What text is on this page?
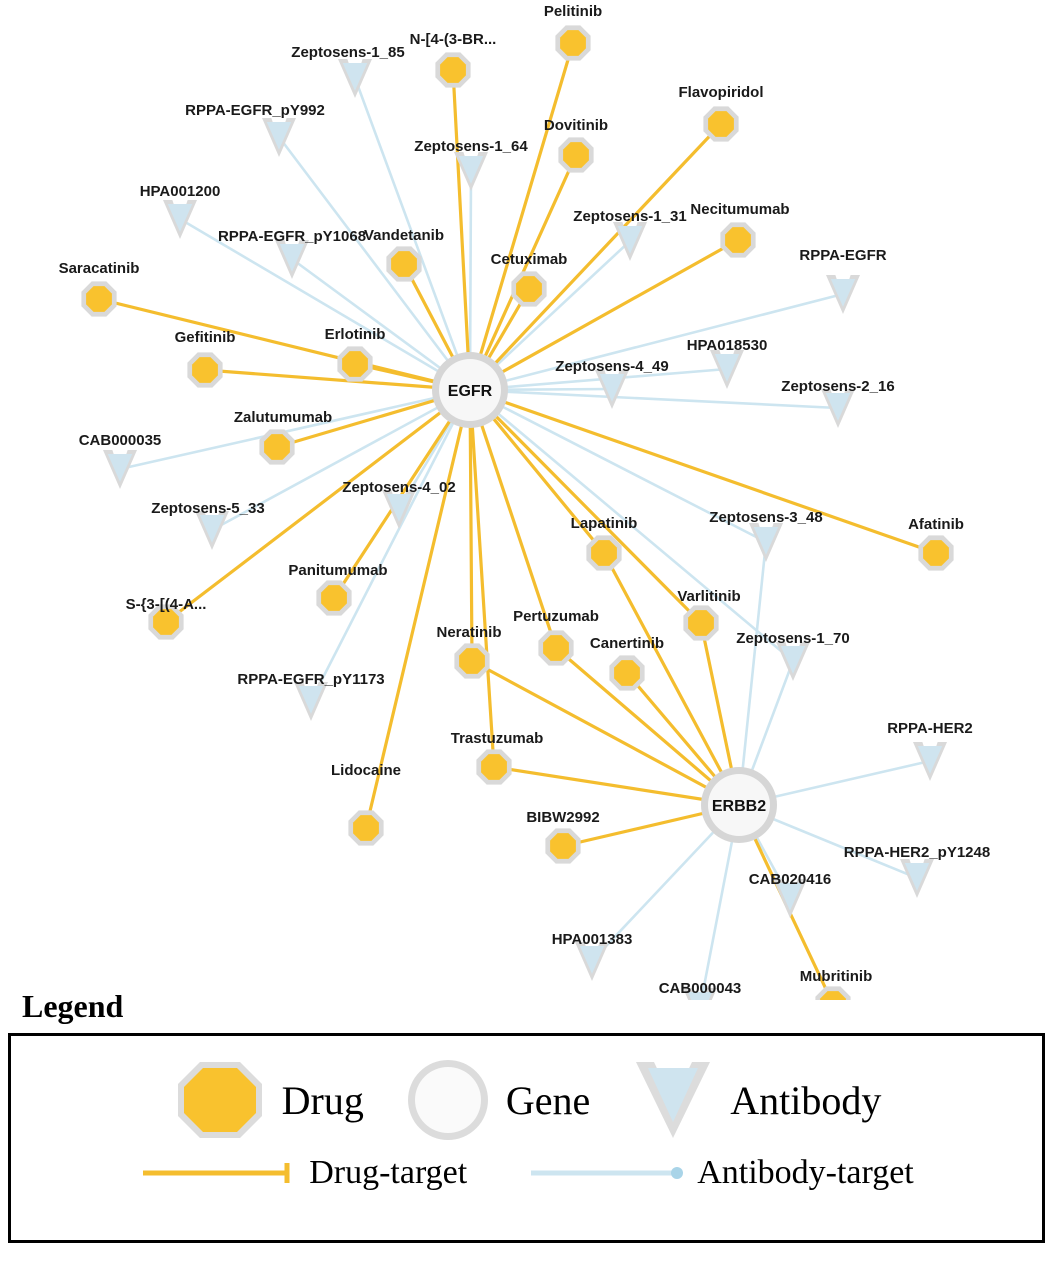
Zeptosens-1_85
RPPA-EGFR_pY992
Zeptosens-1_64
HPA001200
Zeptosens-1_31
RPPA-EGFR_pY1068
RPPA-EGFR
HPA018530
Zeptosens-4_49
Zeptosens-2_16
CAB000035
Zeptosens-4_02
Zeptosens-5_33
Zeptosens-3_48
Zeptosens-1_70
RPPA-EGFR_pY1173
RPPA-HER2
RPPA-HER2_pY1248
CAB020416
HPA001383
CAB000043
Pelitinib
N-[4-(3-BR...
Flavopiridol
Dovitinib
Necitumumab
Vandetanib
Cetuximab
Saracatinib
Gefitinib	Erlotinib
Zalutumumab
Panitumumab
S-{3-[(4-A...
Lidocaine
Afatinib
Lapatinib
Varlitinib
Pertuzumab
Canertinib
Neratinib
Trastuzumab
BIBW2992
Mubritinib
EGFR
ERBB2
Legend
Drug	Gene	Antibody
Drug-target	Antibody-target
